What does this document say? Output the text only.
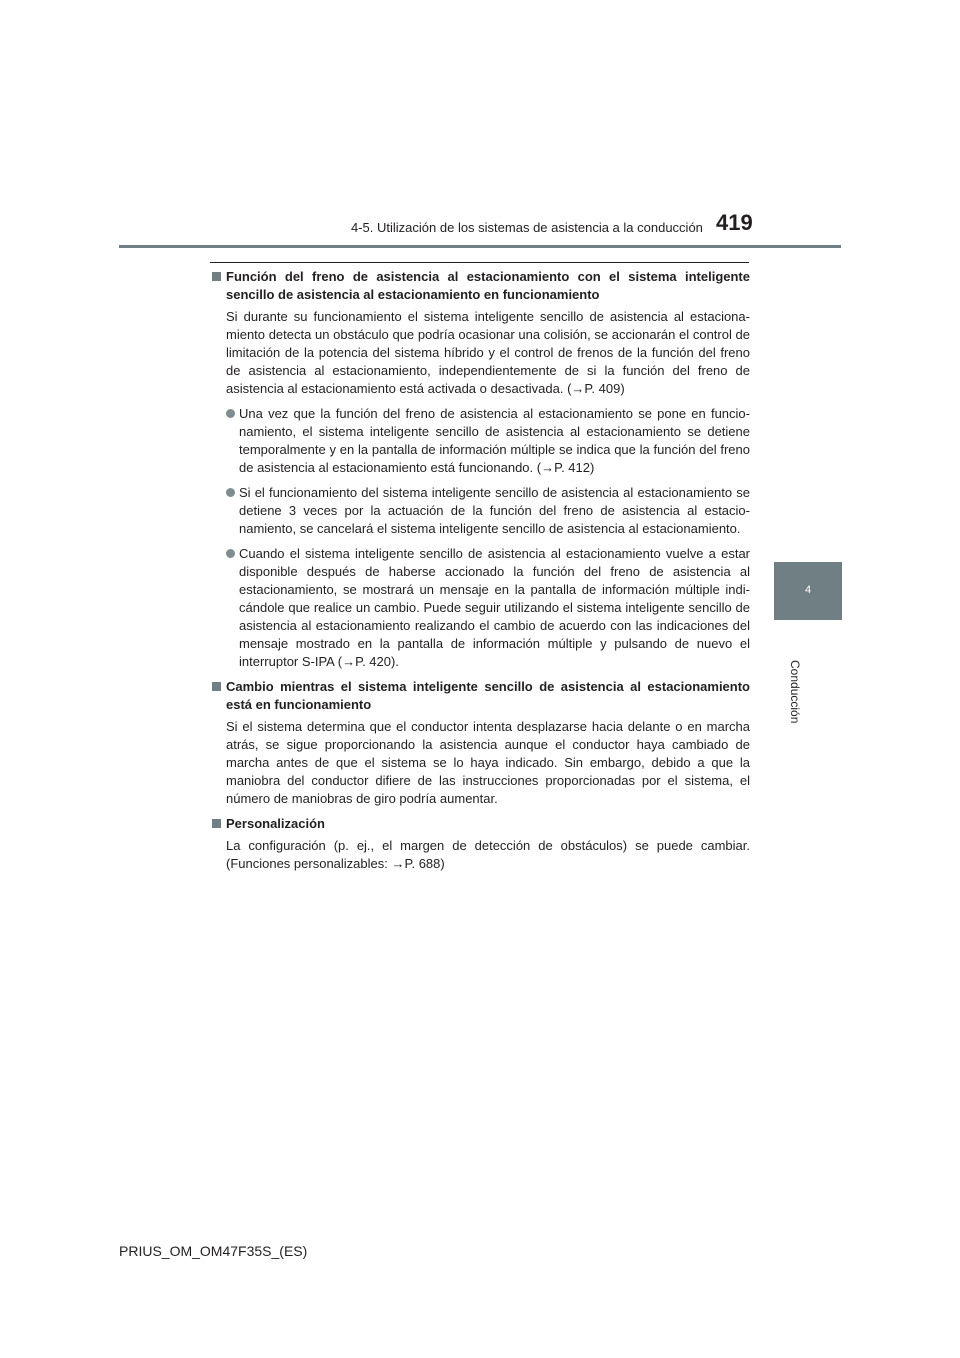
4-5. Utilización de los sistemas de asistencia a la conducción 419
4
Conducción
Función del freno de asistencia al estacionamiento con el sistema inteligente sencillo de asistencia al estacionamiento en funcionamiento
Si durante su funcionamiento el sistema inteligente sencillo de asistencia al estacionamiento detecta un obstáculo que podría ocasionar una colisión, se accionarán el control de limitación de la potencia del sistema híbrido y el control de frenos de la función del freno de asistencia al estacionamiento, independientemente de si la función del freno de asistencia al estacionamiento está activada o desactivada. (→P. 409)
Una vez que la función del freno de asistencia al estacionamiento se pone en funcionamiento, el sistema inteligente sencillo de asistencia al estacionamiento se detiene temporalmente y en la pantalla de información múltiple se indica que la función del freno de asistencia al estacionamiento está funcionando. (→P. 412)
Si el funcionamiento del sistema inteligente sencillo de asistencia al estacionamiento se detiene 3 veces por la actuación de la función del freno de asistencia al estacionamiento, se cancelará el sistema inteligente sencillo de asistencia al estacionamiento.
Cuando el sistema inteligente sencillo de asistencia al estacionamiento vuelve a estar disponible después de haberse accionado la función del freno de asistencia al estacionamiento, se mostrará un mensaje en la pantalla de información múltiple indicándole que realice un cambio. Puede seguir utilizando el sistema inteligente sencillo de asistencia al estacionamiento realizando el cambio de acuerdo con las indicaciones del mensaje mostrado en la pantalla de información múltiple y pulsando de nuevo el interruptor S-IPA (→P. 420).
Cambio mientras el sistema inteligente sencillo de asistencia al estacionamiento está en funcionamiento
Si el sistema determina que el conductor intenta desplazarse hacia delante o en marcha atrás, se sigue proporcionando la asistencia aunque el conductor haya cambiado de marcha antes de que el sistema se lo haya indicado. Sin embargo, debido a que la maniobra del conductor difiere de las instrucciones proporcionadas por el sistema, el número de maniobras de giro podría aumentar.
Personalización
La configuración (p. ej., el margen de detección de obstáculos) se puede cambiar. (Funciones personalizables: →P. 688)
PRIUS_OM_OM47F35S_(ES)
